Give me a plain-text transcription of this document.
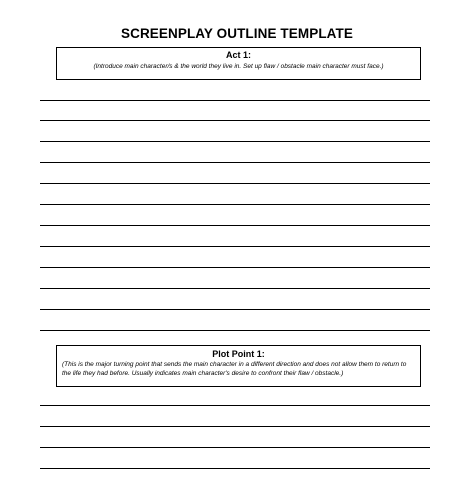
SCREENPLAY OUTLINE TEMPLATE
Act 1:
(Introduce main character/s & the world they live in. Set up flaw / obstacle main character must face.)
Plot Point 1:
(This is the major turning point that sends the main character in a different direction and does not allow them to return to the life they had before. Usually indicates main character's desire to confront their flaw / obstacle.)
